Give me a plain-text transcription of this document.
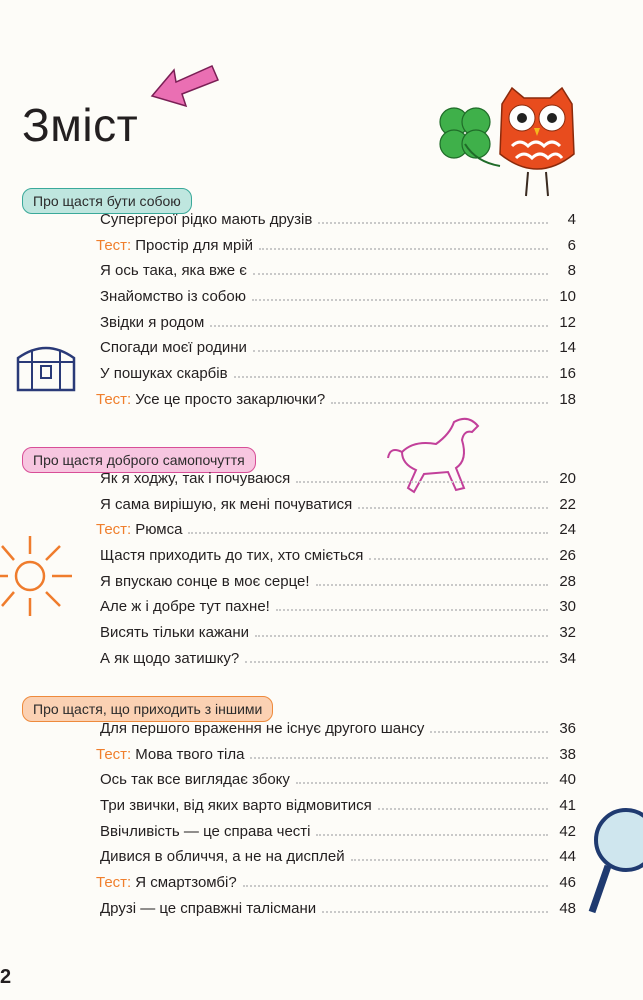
Зміст
Про щастя бути собою
Супергерої рідко мають друзів	4
Тест: Простір для мрій	6
Я ось така, яка вже є	8
Знайомство із собою	10
Звідки я родом	12
Спогади моєї родини	14
У пошуках скарбів	16
Тест: Усе це просто закарлючки?	18
Про щастя доброго самопочуття
Як я ходжу, так і почуваюся	20
Я сама вирішую, як мені почуватися	22
Тест: Рюмса	24
Щастя приходить до тих, хто сміється	26
Я впускаю сонце в моє серце!	28
Але ж і добре тут пахне!	30
Висять тільки кажани	32
А як щодо затишку?	34
Про щастя, що приходить з іншими
Для першого враження не існує другого шансу	36
Тест: Мова твого тіла	38
Ось так все виглядає збоку	40
Три звички, від яких варто відмовитися	41
Ввічливість — це справа честі	42
Дивися в обличчя, а не на дисплей	44
Тест: Я смартзомбі?	46
Друзі — це справжні талісмани	48
2
